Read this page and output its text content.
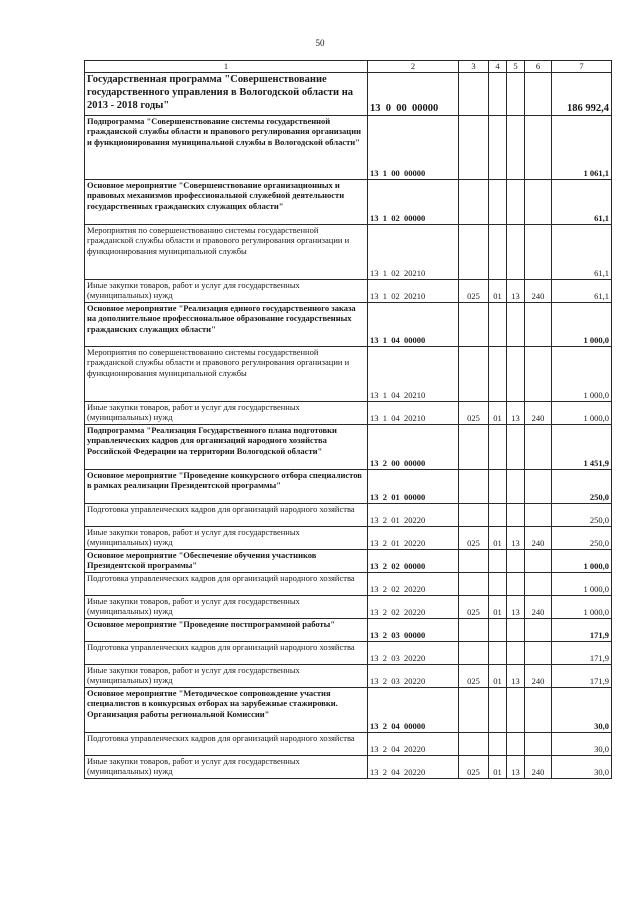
50
1	2	3	4	5	6	7
Государственная программа "Совершенствование государственного управления в Вологодской области на 2013 - 2018 годы"	13  0  00  00000					186 992,4
Подпрограмма "Совершенствование системы государственной гражданской службы области и правового регулирования организации и функционирования муниципальной службы в Вологодской области"	13  1  00  00000					1 061,1
Основное мероприятие "Совершенствование организационных и правовых механизмов профессиональной служебной деятельности государственных гражданских служащих области"	13  1  02  00000					61,1
Мероприятия по совершенствованию системы государственной гражданской службы области и правового регулирования организации и функционирования муниципальной службы	13  1  02  20210					61,1
Иные закупки товаров, работ и услуг для государственных (муниципальных) нужд	13  1  02  20210	025	01	13	240	61,1
Основное мероприятие "Реализация единого государственного заказа на дополнительное профессиональное образование государственных гражданских служащих области"	13  1  04  00000					1 000,0
Мероприятия по совершенствованию системы государственной гражданской службы области и правового регулирования организации и функционирования муниципальной службы	13  1  04  20210					1 000,0
Иные закупки товаров, работ и услуг для государственных (муниципальных) нужд	13  1  04  20210	025	01	13	240	1 000,0
Подпрограмма "Реализация Государственного плана подготовки управленческих кадров для организаций народного хозяйства Российской Федерации на территории Вологодской области"	13  2  00  00000					1 451,9
Основное мероприятие "Проведение конкурсного отбора специалистов в рамках реализации Президентской программы"	13  2  01  00000					250,0
Подготовка управленческих кадров для организаций народного хозяйства	13  2  01  20220					250,0
Иные закупки товаров, работ и услуг для государственных (муниципальных) нужд	13  2  01  20220	025	01	13	240	250,0
Основное мероприятие "Обеспечение обучения участников Президентской программы"	13  2  02  00000					1 000,0
Подготовка управленческих кадров для организаций народного хозяйства	13  2  02  20220					1 000,0
Иные закупки товаров, работ и услуг для государственных (муниципальных) нужд	13  2  02  20220	025	01	13	240	1 000,0
Основное мероприятие "Проведение постпрограммной работы"	13  2  03  00000					171,9
Подготовка управленческих кадров для организаций народного хозяйства	13  2  03  20220					171,9
Иные закупки товаров, работ и услуг для государственных (муниципальных) нужд	13  2  03  20220	025	01	13	240	171,9
Основное мероприятие "Методическое сопровождение участия специалистов в конкурсных отборах на зарубежные стажировки. Организация работы региональной Комиссии"	13  2  04  00000					30,0
Подготовка управленческих кадров для организаций народного хозяйства	13  2  04  20220					30,0
Иные закупки товаров, работ и услуг для государственных (муниципальных) нужд	13  2  04  20220	025	01	13	240	30,0
